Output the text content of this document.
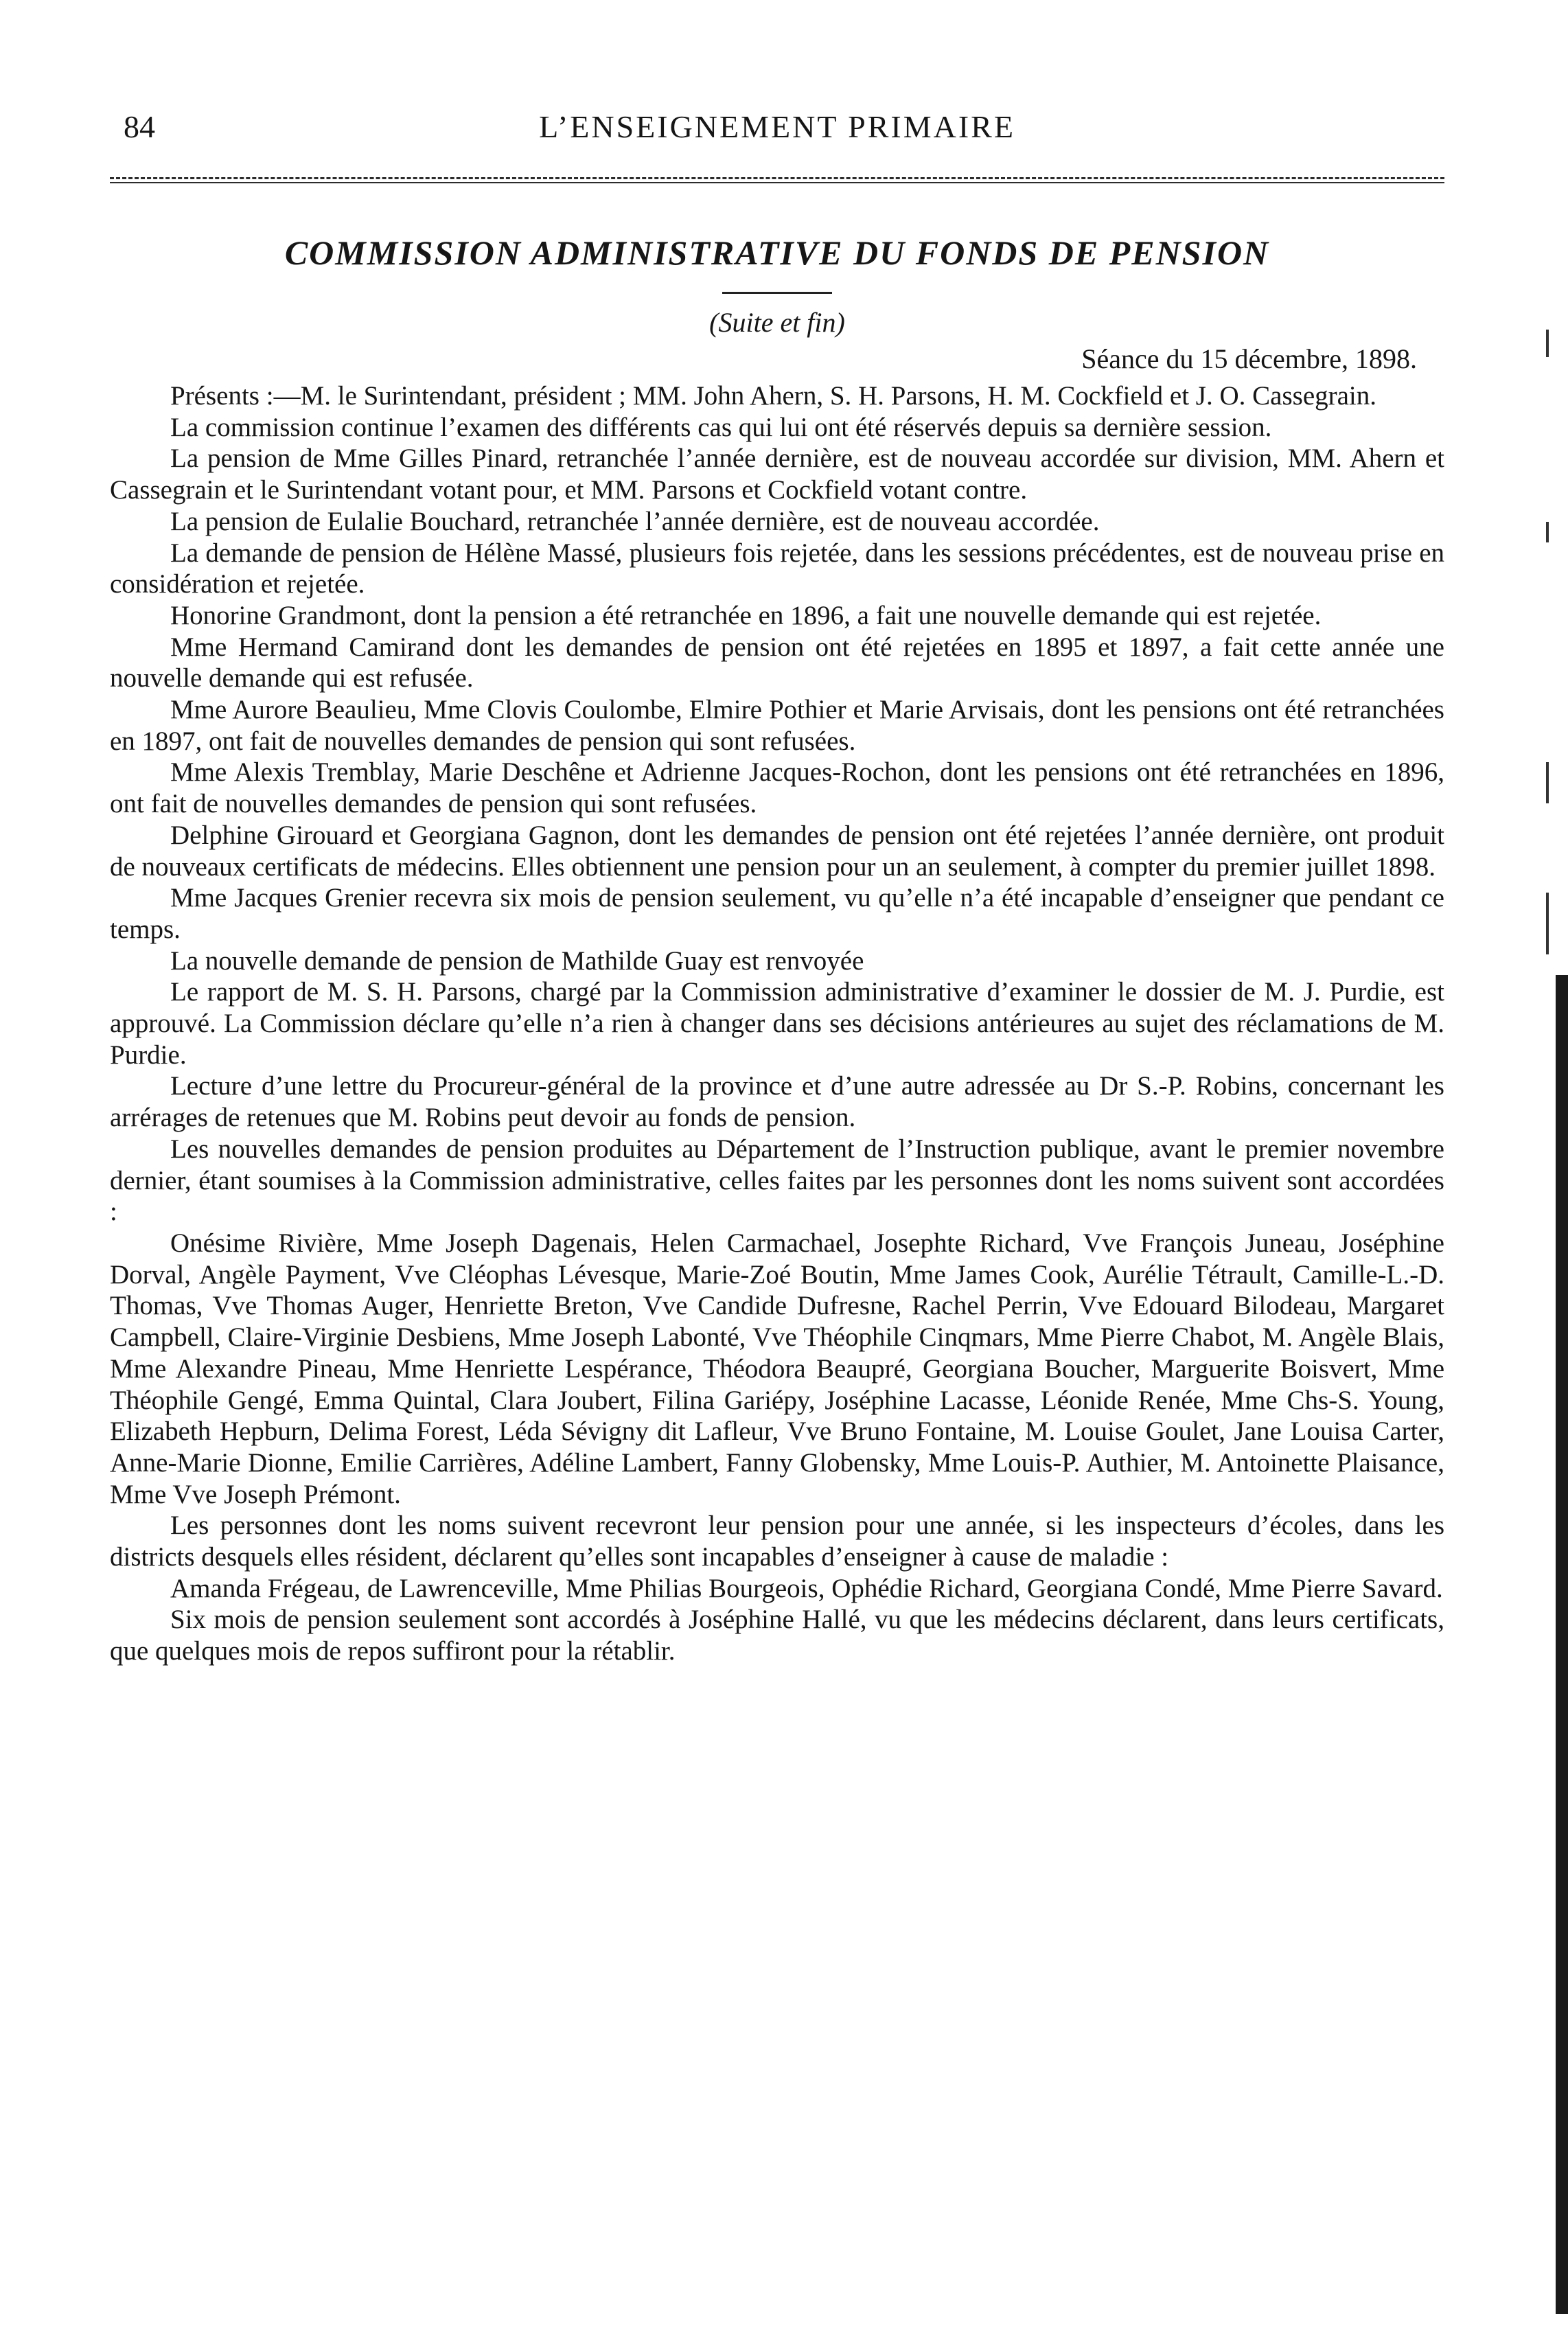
84	L’ENSEIGNEMENT PRIMAIRE
COMMISSION ADMINISTRATIVE DU FONDS DE PENSION
(Suite et fin)
Séance du 15 décembre, 1898.

Présents :—M. le Surintendant, président ; MM. John Ahern, S. H. Parsons, H. M. Cockfield et J. O. Cassegrain.

La commission continue l’examen des différents cas qui lui ont été réservés depuis sa dernière session.

La pension de Mme Gilles Pinard, retranchée l’année dernière, est de nouveau accordée sur division, MM. Ahern et Cassegrain et le Surintendant votant pour, et MM. Parsons et Cockfield votant contre.

La pension de Eulalie Bouchard, retranchée l’année dernière, est de nouveau accordée.

La demande de pension de Hélène Massé, plusieurs fois rejetée, dans les sessions précédentes, est de nouveau prise en considération et rejetée.

Honorine Grandmont, dont la pension a été retranchée en 1896, a fait une nouvelle demande qui est rejetée.

Mme Hermand Camirand dont les demandes de pension ont été rejetées en 1895 et 1897, a fait cette année une nouvelle demande qui est refusée.

Mme Aurore Beaulieu, Mme Clovis Coulombe, Elmire Pothier et Marie Arvisais, dont les pensions ont été retranchées en 1897, ont fait de nouvelles demandes de pension qui sont refusées.

Mme Alexis Tremblay, Marie Deschêne et Adrienne Jacques-Rochon, dont les pensions ont été retranchées en 1896, ont fait de nouvelles demandes de pension qui sont refusées.

Delphine Girouard et Georgiana Gagnon, dont les demandes de pension ont été rejetées l’année dernière, ont produit de nouveaux certificats de médecins. Elles obtiennent une pension pour un an seulement, à compter du premier juillet 1898.

Mme Jacques Grenier recevra six mois de pension seulement, vu qu’elle n’a été incapable d’enseigner que pendant ce temps.

La nouvelle demande de pension de Mathilde Guay est renvoyée

Le rapport de M. S. H. Parsons, chargé par la Commission administrative d’examiner le dossier de M. J. Purdie, est approuvé. La Commission déclare qu’elle n’a rien à changer dans ses décisions antérieures au sujet des réclamations de M. Purdie.

Lecture d’une lettre du Procureur-général de la province et d’une autre adressée au Dr S.-P. Robins, concernant les arrérages de retenues que M. Robins peut devoir au fonds de pension.

Les nouvelles demandes de pension produites au Département de l’Instruction publique, avant le premier novembre dernier, étant soumises à la Commission administrative, celles faites par les personnes dont les noms suivent sont accordées :

Onésime Rivière, Mme Joseph Dagenais, Helen Carmachael, Josephte Richard, Vve François Juneau, Joséphine Dorval, Angèle Payment, Vve Cléophas Lévesque, Marie-Zoé Boutin, Mme James Cook, Aurélie Tétrault, Camille-L.-D. Thomas, Vve Thomas Auger, Henriette Breton, Vve Candide Dufresne, Rachel Perrin, Vve Edouard Bilodeau, Margaret Campbell, Claire-Virginie Desbiens, Mme Joseph Labonté, Vve Théophile Cinqmars, Mme Pierre Chabot, M. Angèle Blais, Mme Alexandre Pineau, Mme Henriette Lespérance, Théodora Beaupré, Georgiana Boucher, Marguerite Boisvert, Mme Théophile Gengé, Emma Quintal, Clara Joubert, Filina Gariépy, Joséphine Lacasse, Léonide Renée, Mme Chs-S. Young, Elizabeth Hepburn, Delima Forest, Léda Sévigny dit Lafleur, Vve Bruno Fontaine, M. Louise Goulet, Jane Louisa Carter, Anne-Marie Dionne, Emilie Carrières, Adéline Lambert, Fanny Globensky, Mme Louis-P. Authier, M. Antoinette Plaisance, Mme Vve Joseph Prémont.

Les personnes dont les noms suivent recevront leur pension pour une année, si les inspecteurs d’écoles, dans les districts desquels elles résident, déclarent qu’elles sont incapables d’enseigner à cause de maladie :

Amanda Frégeau, de Lawrenceville, Mme Philias Bourgeois, Ophédie Richard, Georgiana Condé, Mme Pierre Savard.

Six mois de pension seulement sont accordés à Joséphine Hallé, vu que les médecins déclarent, dans leurs certificats, que quelques mois de repos suffiront pour la rétablir.
